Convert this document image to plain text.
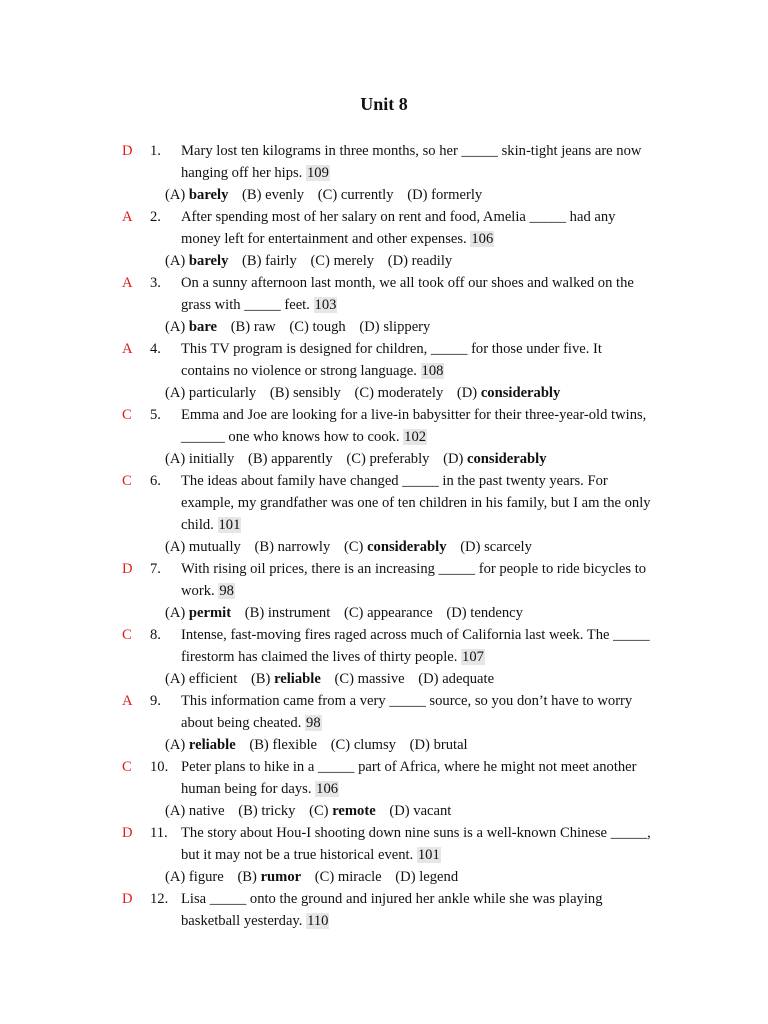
Unit 8
D	1.	Mary lost ten kilograms in three months, so her _____ skin-tight jeans are now hanging off her hips. 109
(A) barely (B) evenly (C) currently (D) formerly
A	2.	After spending most of her salary on rent and food, Amelia _____ had any money left for entertainment and other expenses. 106
(A) barely (B) fairly (C) merely (D) readily
A	3.	On a sunny afternoon last month, we all took off our shoes and walked on the grass with _____ feet. 103
(A) bare (B) raw (C) tough (D) slippery
A	4.	This TV program is designed for children, _____ for those under five. It contains no violence or strong language. 108
(A) particularly (B) sensibly (C) moderately (D) considerably
C	5.	Emma and Joe are looking for a live-in babysitter for their three-year-old twins, ______ one who knows how to cook. 102
(A) initially (B) apparently (C) preferably (D) considerably
C	6.	The ideas about family have changed _____ in the past twenty years. For example, my grandfather was one of ten children in his family, but I am the only child. 101
(A) mutually (B) narrowly (C) considerably (D) scarcely
D	7.	With rising oil prices, there is an increasing _____ for people to ride bicycles to work. 98
(A) permit (B) instrument (C) appearance (D) tendency
C	8.	Intense, fast-moving fires raged across much of California last week. The _____ firestorm has claimed the lives of thirty people. 107
(A) efficient (B) reliable (C) massive (D) adequate
A	9.	This information came from a very _____ source, so you don’t have to worry about being cheated. 98
(A) reliable (B) flexible (C) clumsy (D) brutal
C	10. Peter plans to hike in a _____ part of Africa, where he might not meet another human being for days. 106
(A) native (B) tricky (C) remote (D) vacant
D	11. The story about Hou-I shooting down nine suns is a well-known Chinese _____, but it may not be a true historical event. 101
(A) figure (B) rumor (C) miracle (D) legend
D	12. Lisa _____ onto the ground and injured her ankle while she was playing basketball yesterday. 110
